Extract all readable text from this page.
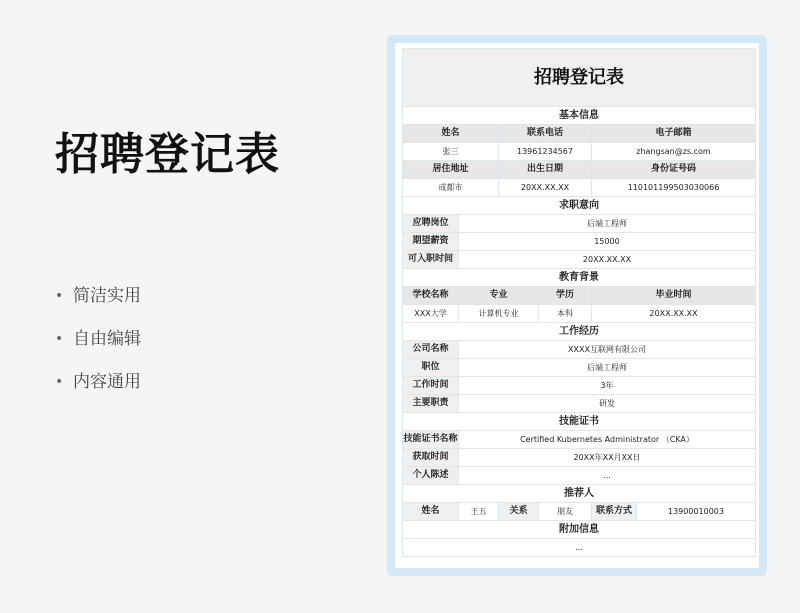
招聘登记表
• 简洁实用
• 自由编辑
• 内容通用
招聘登记表					
基本信息					
姓名		联系电话		电子邮箱	
张三		13961234567		zhangsan@zs.com	
居住地址		出生日期		身份证号码	
成都市		20XX.XX.XX		110101199503030066	
求职意向					
应聘岗位	后端工程师				
期望薪资	15000				
可入职时间	20XX.XX.XX				
教育背景					
学校名称	专业		学历	毕业时间	
XXX大学	计算机专业		本科	20XX.XX.XX	
工作经历					
公司名称	XXXX互联网有限公司				
职位	后端工程师				
工作时间	3年				
主要职责	研发				
技能证书					
技能证书名称	Certified Kubernetes Administrator （CKA）				
获取时间	20XX年XX月XX日				
个人陈述	...				
推荐人					
姓名	王五	关系	朋友	联系方式	13900010003
附加信息					
...					
